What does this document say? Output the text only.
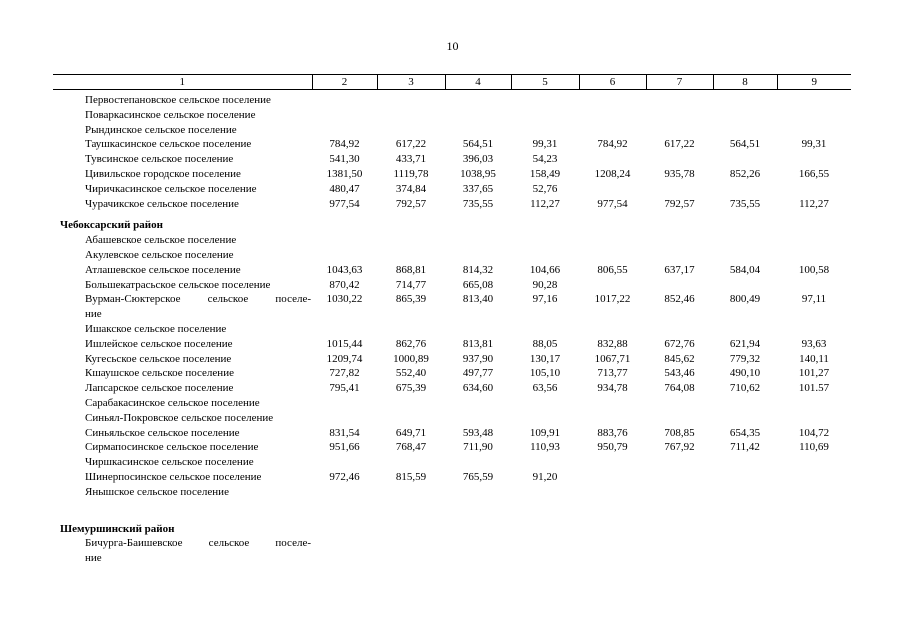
10
1	2	3	4	5	6	7	8	9
Первостепановское сельское поселение								
Поваркасинское сельское поселение								
Рындинское сельское поселение								
Таушкасинское сельское поселение	784,92	617,22	564,51	99,31	784,92	617,22	564,51	99,31
Тувсинское сельское поселение	541,30	433,71	396,03	54,23				
Цивильское городское поселение	1381,50	1119,78	1038,95	158,49	1208,24	935,78	852,26	166,55
Чиричкасинское сельское поселение	480,47	374,84	337,65	52,76				
Чурачикское сельское поселение	977,54	792,57	735,55	112,27	977,54	792,57	735,55	112,27
Чебоксарский район								
Абашевское сельское поселение								
Акулевское сельское поселение								
Атлашевское сельское поселение	1043,63	868,81	814,32	104,66	806,55	637,17	584,04	100,58
Большекатрасьское сельское поселение	870,42	714,77	665,08	90,28				

Вурман-Сюктерское сельское поселе-
ние	1030,22	865,39	813,40	97,16	1017,22	852,46	800,49	97,11
Ишакское сельское поселение								
Ишлейское сельское поселение	1015,44	862,76	813,81	88,05	832,88	672,76	621,94	93,63
Кугесьское сельское поселение	1209,74	1000,89	937,90	130,17	1067,71	845,62	779,32	140,11
Кшаушское сельское поселение	727,82	552,40	497,77	105,10	713,77	543,46	490,10	101,27
Лапсарское сельское поселение	795,41	675,39	634,60	63,56	934,78	764,08	710,62	101.57
Сарабакасинское сельское поселение								
Синьял-Покровское сельское поселение								
Синьяльское сельское поселение	831,54	649,71	593,48	109,91	883,76	708,85	654,35	104,72
Сирмапосинское сельское поселение	951,66	768,47	711,90	110,93	950,79	767,92	711,42	110,69
Чиршкасинское сельское поселение								
Шинерпосинское сельское поселение	972,46	815,59	765,59	91,20				
Янышское сельское поселение								

Шемуршинский район								

Бичурга-Баишевское сельское поселе-
ние								
